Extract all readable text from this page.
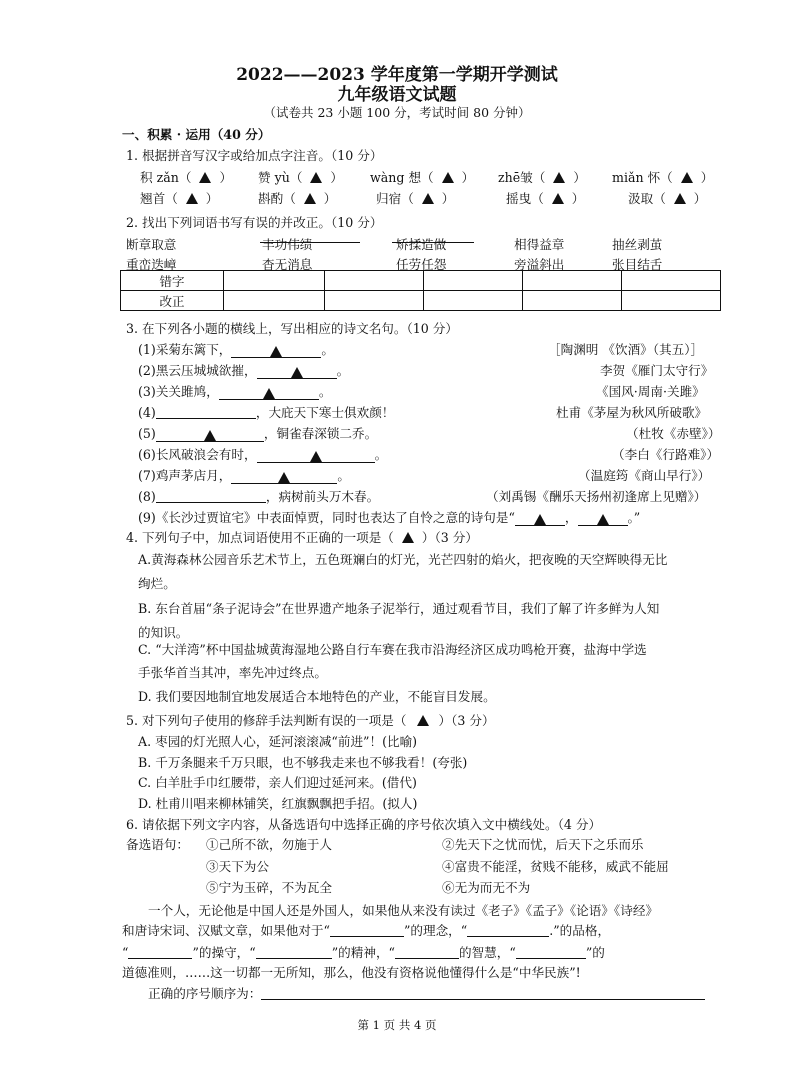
2022——2023 学年度第一学期开学测试
九年级语文试题
（试卷共 23 小题 100 分，考试时间 80 分钟）
一、积累 · 运用（40 分）
1. 根据拼音写汉字或给加点字注音。（10 分）
积 zǎn（ ） 赞 yù（ ） wàng 想（ ） zhē皱（ ） miǎn 怀（ ）
翘首（ ）	斟酌（ ）	归宿（ ）	摇曳（ ）	汲取（ ）
2. 找出下列词语书写有误的并改正。（10 分）
断章取意	丰功伟绩	矫揉造做	相得益章	抽丝剥茧
重峦迭嶂	杳无消息	任劳任怨	旁溢斜出	张目结舌
错字					
改正					
3. 在下列各小题的横线上，写出相应的诗文名句。（10 分）
(1)采菊东篱下，	。	［陶渊明 《饮酒》（其五）］
(2)黑云压城城欲摧，	。	李贺《雁门太守行》
(3)关关雎鸠，	。	《国风·周南·关雎》
(4)	，大庇天下寒士俱欢颜！	杜甫《茅屋为秋风所破歌》
(5)	，铜雀春深锁二乔。	（杜牧《赤壁》）
(6)长风破浪会有时，	。	（李白《行路难》）
(7)鸡声茅店月，	。	（温庭筠《商山早行》）
(8)	，病树前头万木春。	（刘禹锡《酬乐天扬州初逢席上见赠》）
(9)《长沙过贾谊宅》中表面悼贾，同时也表达了自怜之意的诗句是“	，	。”
4. 下列句子中，加点词语使用不正确的一项是（ ）（3 分）
A.黄海森林公园音乐艺术节上，五色斑斓白的灯光，光芒四射的焰火，把夜晚的天空辉映得无比
绚烂。
B. 东台首届“条子泥诗会”在世界遗产地条子泥举行，通过观看节目，我们了解了许多鲜为人知
的知识。
C. “大洋湾”杯中国盐城黄海湿地公路自行车赛在我市沿海经济区成功鸣枪开赛，盐海中学选
手张华首当其冲，率先冲过终点。
D. 我们要因地制宜地发展适合本地特色的产业，不能盲目发展。
5. 对下列句子使用的修辞手法判断有误的一项是（	）（3 分）
A. 枣园的灯光照人心，延河滚滚减“前进”！(比喻)
B. 千万条腿来千万只眼，也不够我走来也不够我看！(夸张)
C. 白羊肚手巾红腰带，亲人们迎过延河来。(借代)
D. 杜甫川唱来柳林铺笑，红旗飘飘把手招。(拟人)
6. 请依据下列文字内容，从备选语句中选择正确的序号依次填入文中横线处。（4 分）
备选语句： ①己所不欲，勿施于人	②先天下之忧而忧，后天下之乐而乐
③天下为公	④富贵不能淫，贫贱不能移，威武不能屈
⑤宁为玉碎，不为瓦全	⑥无为而无不为
一个人，无论他是中国人还是外国人，如果他从来没有读过《老子》《孟子》《论语》《诗经》
和唐诗宋词、汉赋文章，如果他对于“	”的理念，“	.”的品格，
“	”的操守，“	”的精神，“	的智慧，“	”的
道德准则，……这一切都一无所知，那么，他没有资格说他懂得什么是“中华民族”!
正确的序号顺序为：
第 1 页 共 4 页
